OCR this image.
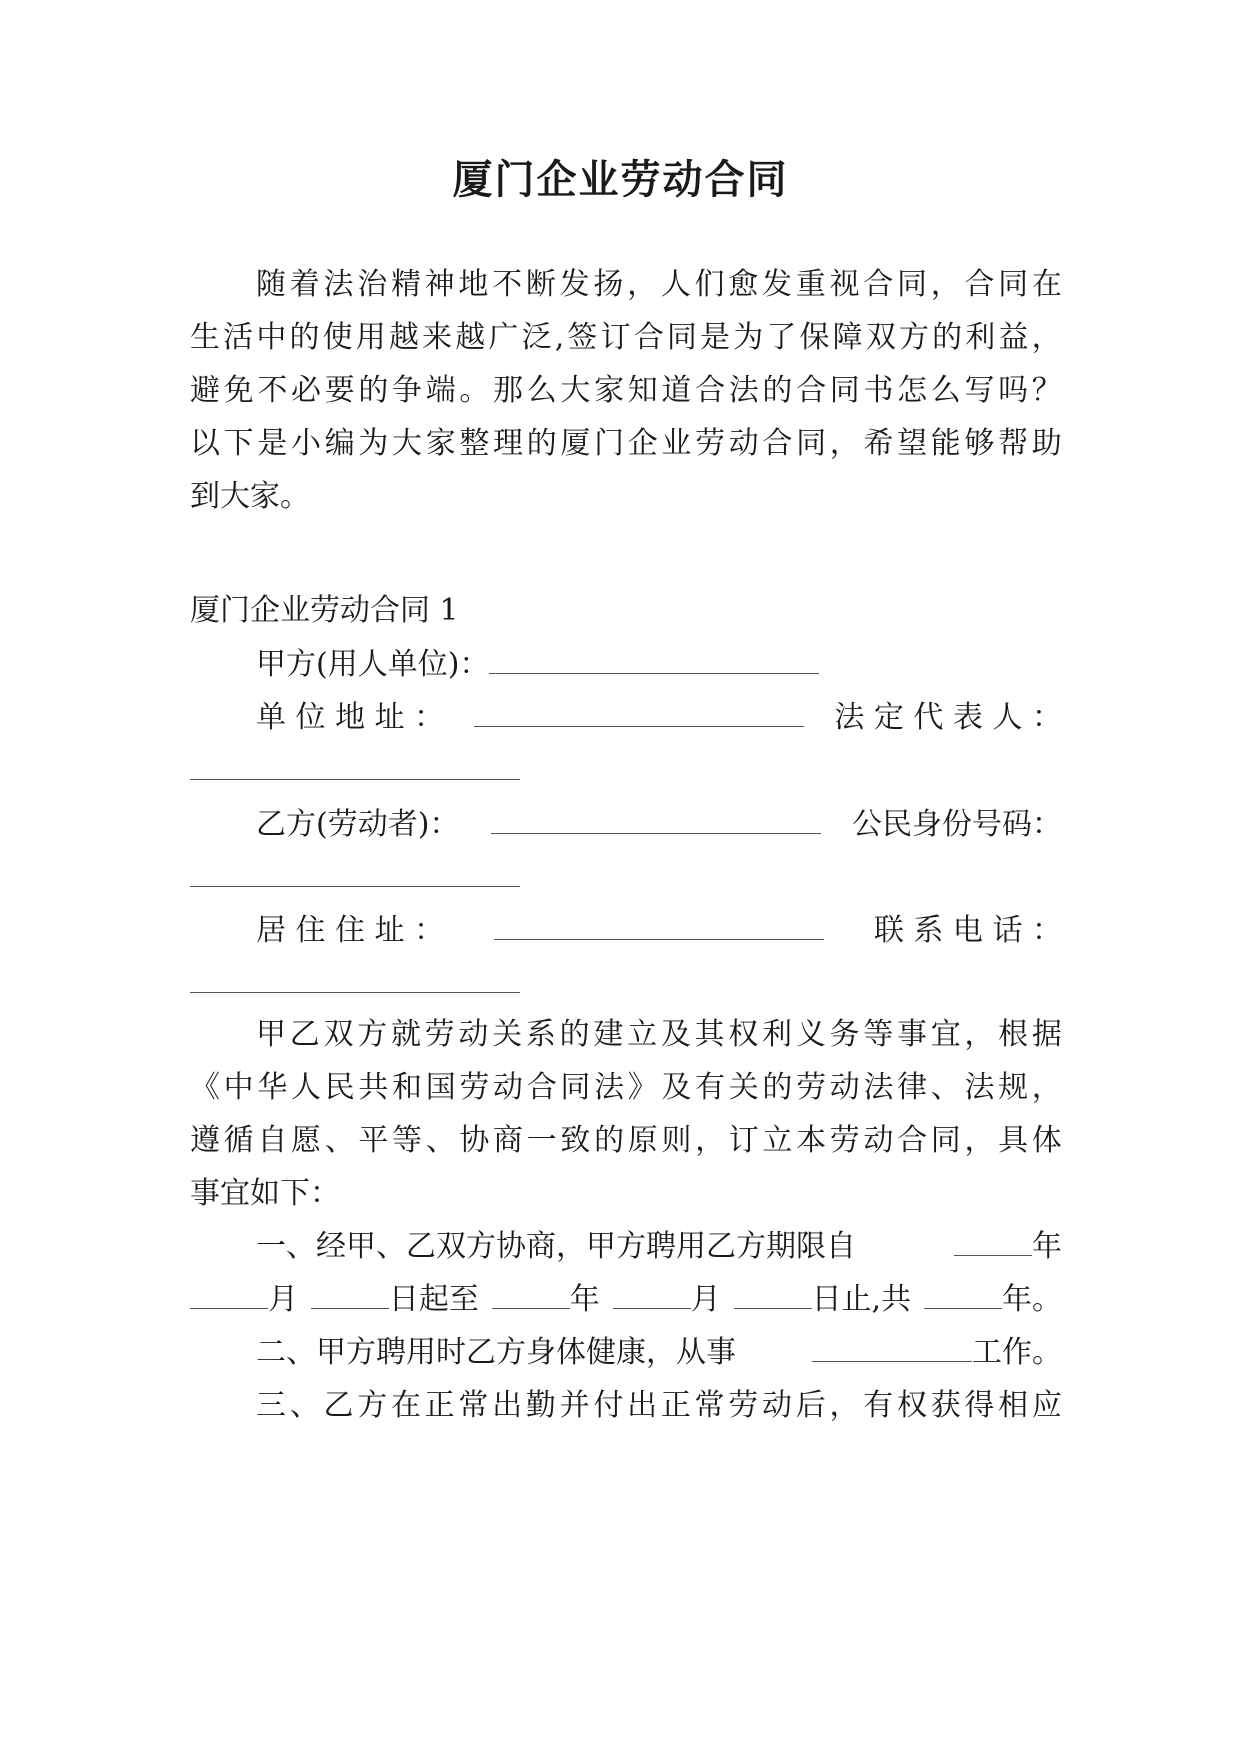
厦门企业劳动合同
随 着 法 治 精 神 地 不 断 发 扬 ， 人 们 愈 发 重 视 合 同 ， 合 同 在
生 活 中 的 使 用 越 来 越 广 泛 , 签 订 合 同 是 为 了 保 障 双 方 的 利 益 ，
避 免 不 必 要 的 争 端 。 那 么 大 家 知 道 合 法 的 合 同 书 怎 么 写 吗 ？
以 下 是 小 编 为 大 家 整 理 的 厦 门 企 业 劳 动 合 同 ， 希 望 能 够 帮 助
到大家。
厦门企业劳动合同 1
甲方(用人单位)：
单 位 地 址 ：	法 定 代 表 人 ：
乙方(劳动者)：	公民身份号码：
居 住 住 址 ：	联 系 电 话 ：
甲 乙 双 方 就 劳 动 关 系 的 建 立 及 其 权 利 义 务 等 事 宜 ， 根 据
《 中 华 人 民 共 和 国 劳 动 合 同 法 》 及 有 关 的 劳 动 法 律 、 法 规 ，
遵 循 自 愿 、 平 等 、 协 商 一 致 的 原 则 ， 订 立 本 劳 动 合 同 ， 具 体
事宜如下：
一、经甲、乙双方协商，甲方聘用乙方期限自	年
月	日起至	年	月	日止,共	年。
二、甲方聘用时乙方身体健康，从事	工作。
三 、 乙 方 在 正 常 出 勤 并 付 出 正 常 劳 动 后 ， 有 权 获 得 相 应
